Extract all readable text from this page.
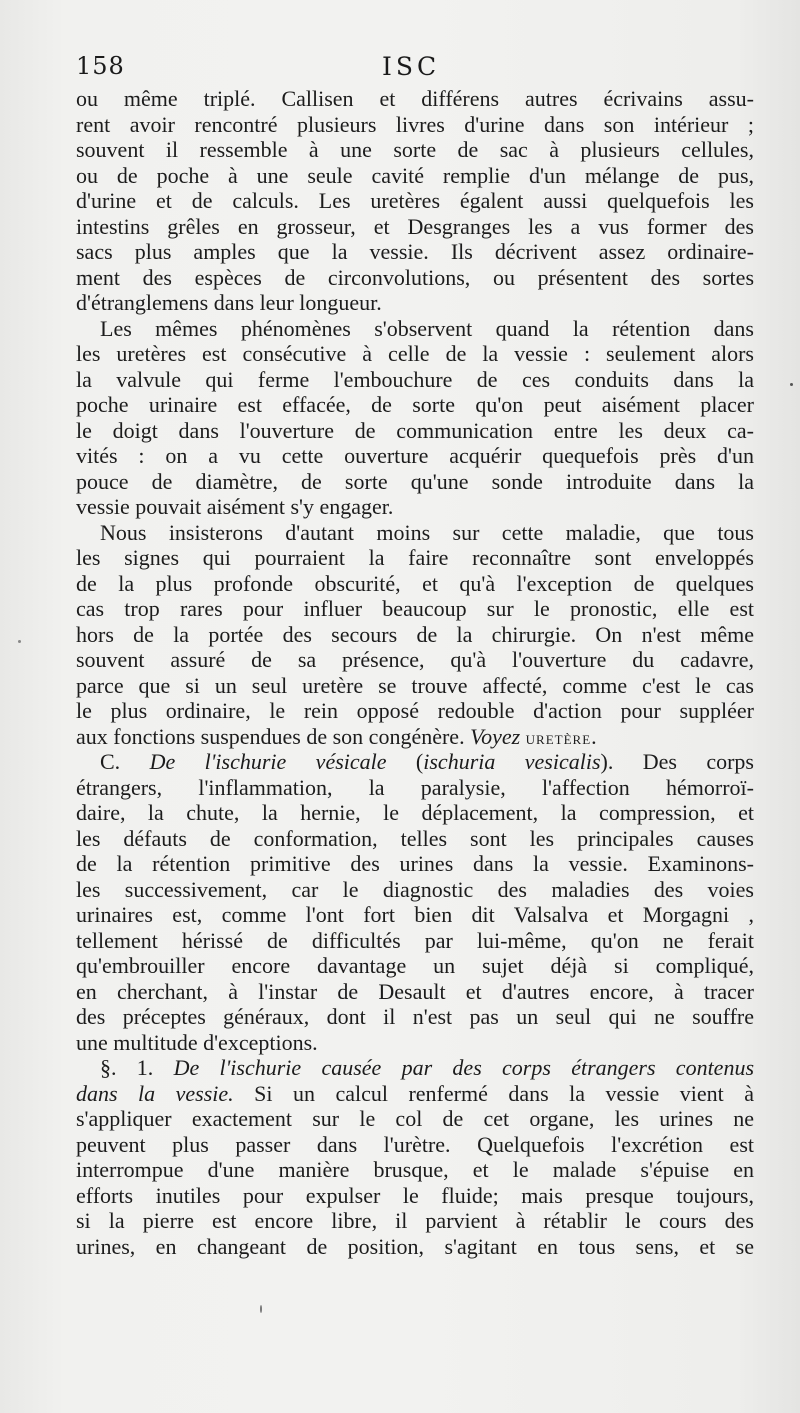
158	ISC
ou même triplé. Callisen et différens autres écrivains assu-
rent avoir rencontré plusieurs livres d'urine dans son intérieur ;
souvent il ressemble à une sorte de sac à plusieurs cellules,
ou de poche à une seule cavité remplie d'un mélange de pus,
d'urine et de calculs. Les uretères égalent aussi quelquefois les
intestins grêles en grosseur, et Desgranges les a vus former des
sacs plus amples que la vessie. Ils décrivent assez ordinaire-
ment des espèces de circonvolutions, ou présentent des sortes
d'étranglemens dans leur longueur.
Les mêmes phénomènes s'observent quand la rétention dans
les uretères est consécutive à celle de la vessie : seulement alors
la valvule qui ferme l'embouchure de ces conduits dans la
poche urinaire est effacée, de sorte qu'on peut aisément placer
le doigt dans l'ouverture de communication entre les deux ca-
vités : on a vu cette ouverture acquérir quequefois près d'un
pouce de diamètre, de sorte qu'une sonde introduite dans la
vessie pouvait aisément s'y engager.
Nous insisterons d'autant moins sur cette maladie, que tous
les signes qui pourraient la faire reconnaître sont enveloppés
de la plus profonde obscurité, et qu'à l'exception de quelques
cas trop rares pour influer beaucoup sur le pronostic, elle est
hors de la portée des secours de la chirurgie. On n'est même
souvent assuré de sa présence, qu'à l'ouverture du cadavre,
parce que si un seul uretère se trouve affecté, comme c'est le cas
le plus ordinaire, le rein opposé redouble d'action pour suppléer
aux fonctions suspendues de son congénère. Voyez uretère.
C. De l'ischurie vésicale (ischuria vesicalis). Des corps
étrangers, l'inflammation, la paralysie, l'affection hémorroï-
daire, la chute, la hernie, le déplacement, la compression, et
les défauts de conformation, telles sont les principales causes
de la rétention primitive des urines dans la vessie. Examinons-
les successivement, car le diagnostic des maladies des voies
urinaires est, comme l'ont fort bien dit Valsalva et Morgagni ,
tellement hérissé de difficultés par lui-même, qu'on ne ferait
qu'embrouiller encore davantage un sujet déjà si compliqué,
en cherchant, à l'instar de Desault et d'autres encore, à tracer
des préceptes généraux, dont il n'est pas un seul qui ne souffre
une multitude d'exceptions.
§. 1. De l'ischurie causée par des corps étrangers contenus
dans la vessie. Si un calcul renfermé dans la vessie vient à
s'appliquer exactement sur le col de cet organe, les urines ne
peuvent plus passer dans l'urètre. Quelquefois l'excrétion est
interrompue d'une manière brusque, et le malade s'épuise en
efforts inutiles pour expulser le fluide; mais presque toujours,
si la pierre est encore libre, il parvient à rétablir le cours des
urines, en changeant de position, s'agitant en tous sens, et se
